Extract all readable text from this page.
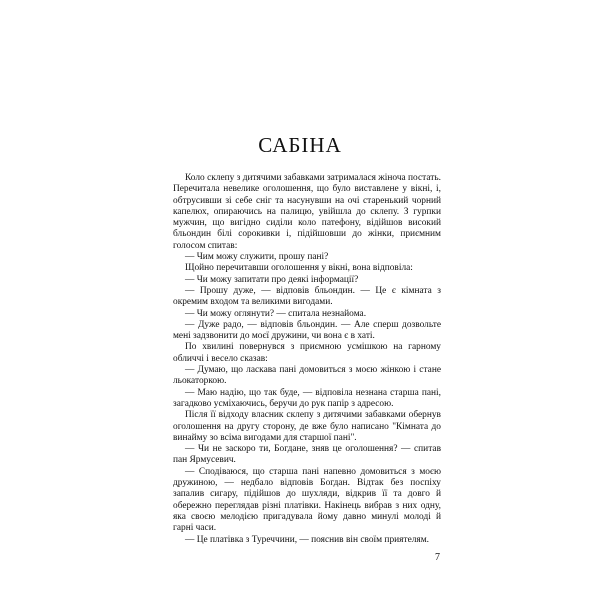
САБІНА

Коло склепу з дитячими забавками затрималася жіноча постать. Перечитала невелике оголошення, що було виставлене у вікні, і, обтрусивши зі себе сніг та насунувши на очі старенький чорний капелюх, опираючись на палицю, увійшла до склепу. З гурпки мужчин, що вигідно сиділи коло патефону, відійшов високий бльондин білі сорокивки і, підійшовши до жінки, приємним голосом спитав:

— Чим можу служити, прошу пані?

Щойно перечитавши оголошення у вікні, вона відповіла:

— Чи можу запитати про деякі інформації?

— Прошу дуже, — відповів бльондин. — Це є кімната з окремим входом та великими вигодами.

— Чи можу оглянути? — спитала незнайома.

— Дуже радо, — відповів бльондин. — Але сперш дозвольте мені задзвонити до моєї дружини, чи вона є в хаті.

По хвилині повернувся з приємною усмішкою на гарному обличчі і весело сказав:

— Думаю, що ласкава пані домовиться з моєю жінкою і стане льокаторкою.

— Маю надію, що так буде, — відповіла незнана старша пані, загадково усміхаючись, беручи до рук папір з адресою.

Після її відходу власник склепу з дитячими забавками обернув оголошення на другу сторону, де вже було написано "Кімната до винайму зо всіма вигодами для старшої пані".

— Чи не заскоро ти, Богдане, зняв це оголошення? — спитав пан Ярмусевич.

— Сподіваюся, що старша пані напевно домовиться з моєю дружиною, — недбало відповів Богдан. Відтак без поспіху запалив сигару, підійшов до шухляди, відкрив її та довго й обережно переглядав різні платівки. Накінець вибрав з них одну, яка своєю мелодією пригадувала йому давно минулі молоді й гарні часи.

— Це платівка з Туреччини, — пояснив він своїм приятелям.

7
